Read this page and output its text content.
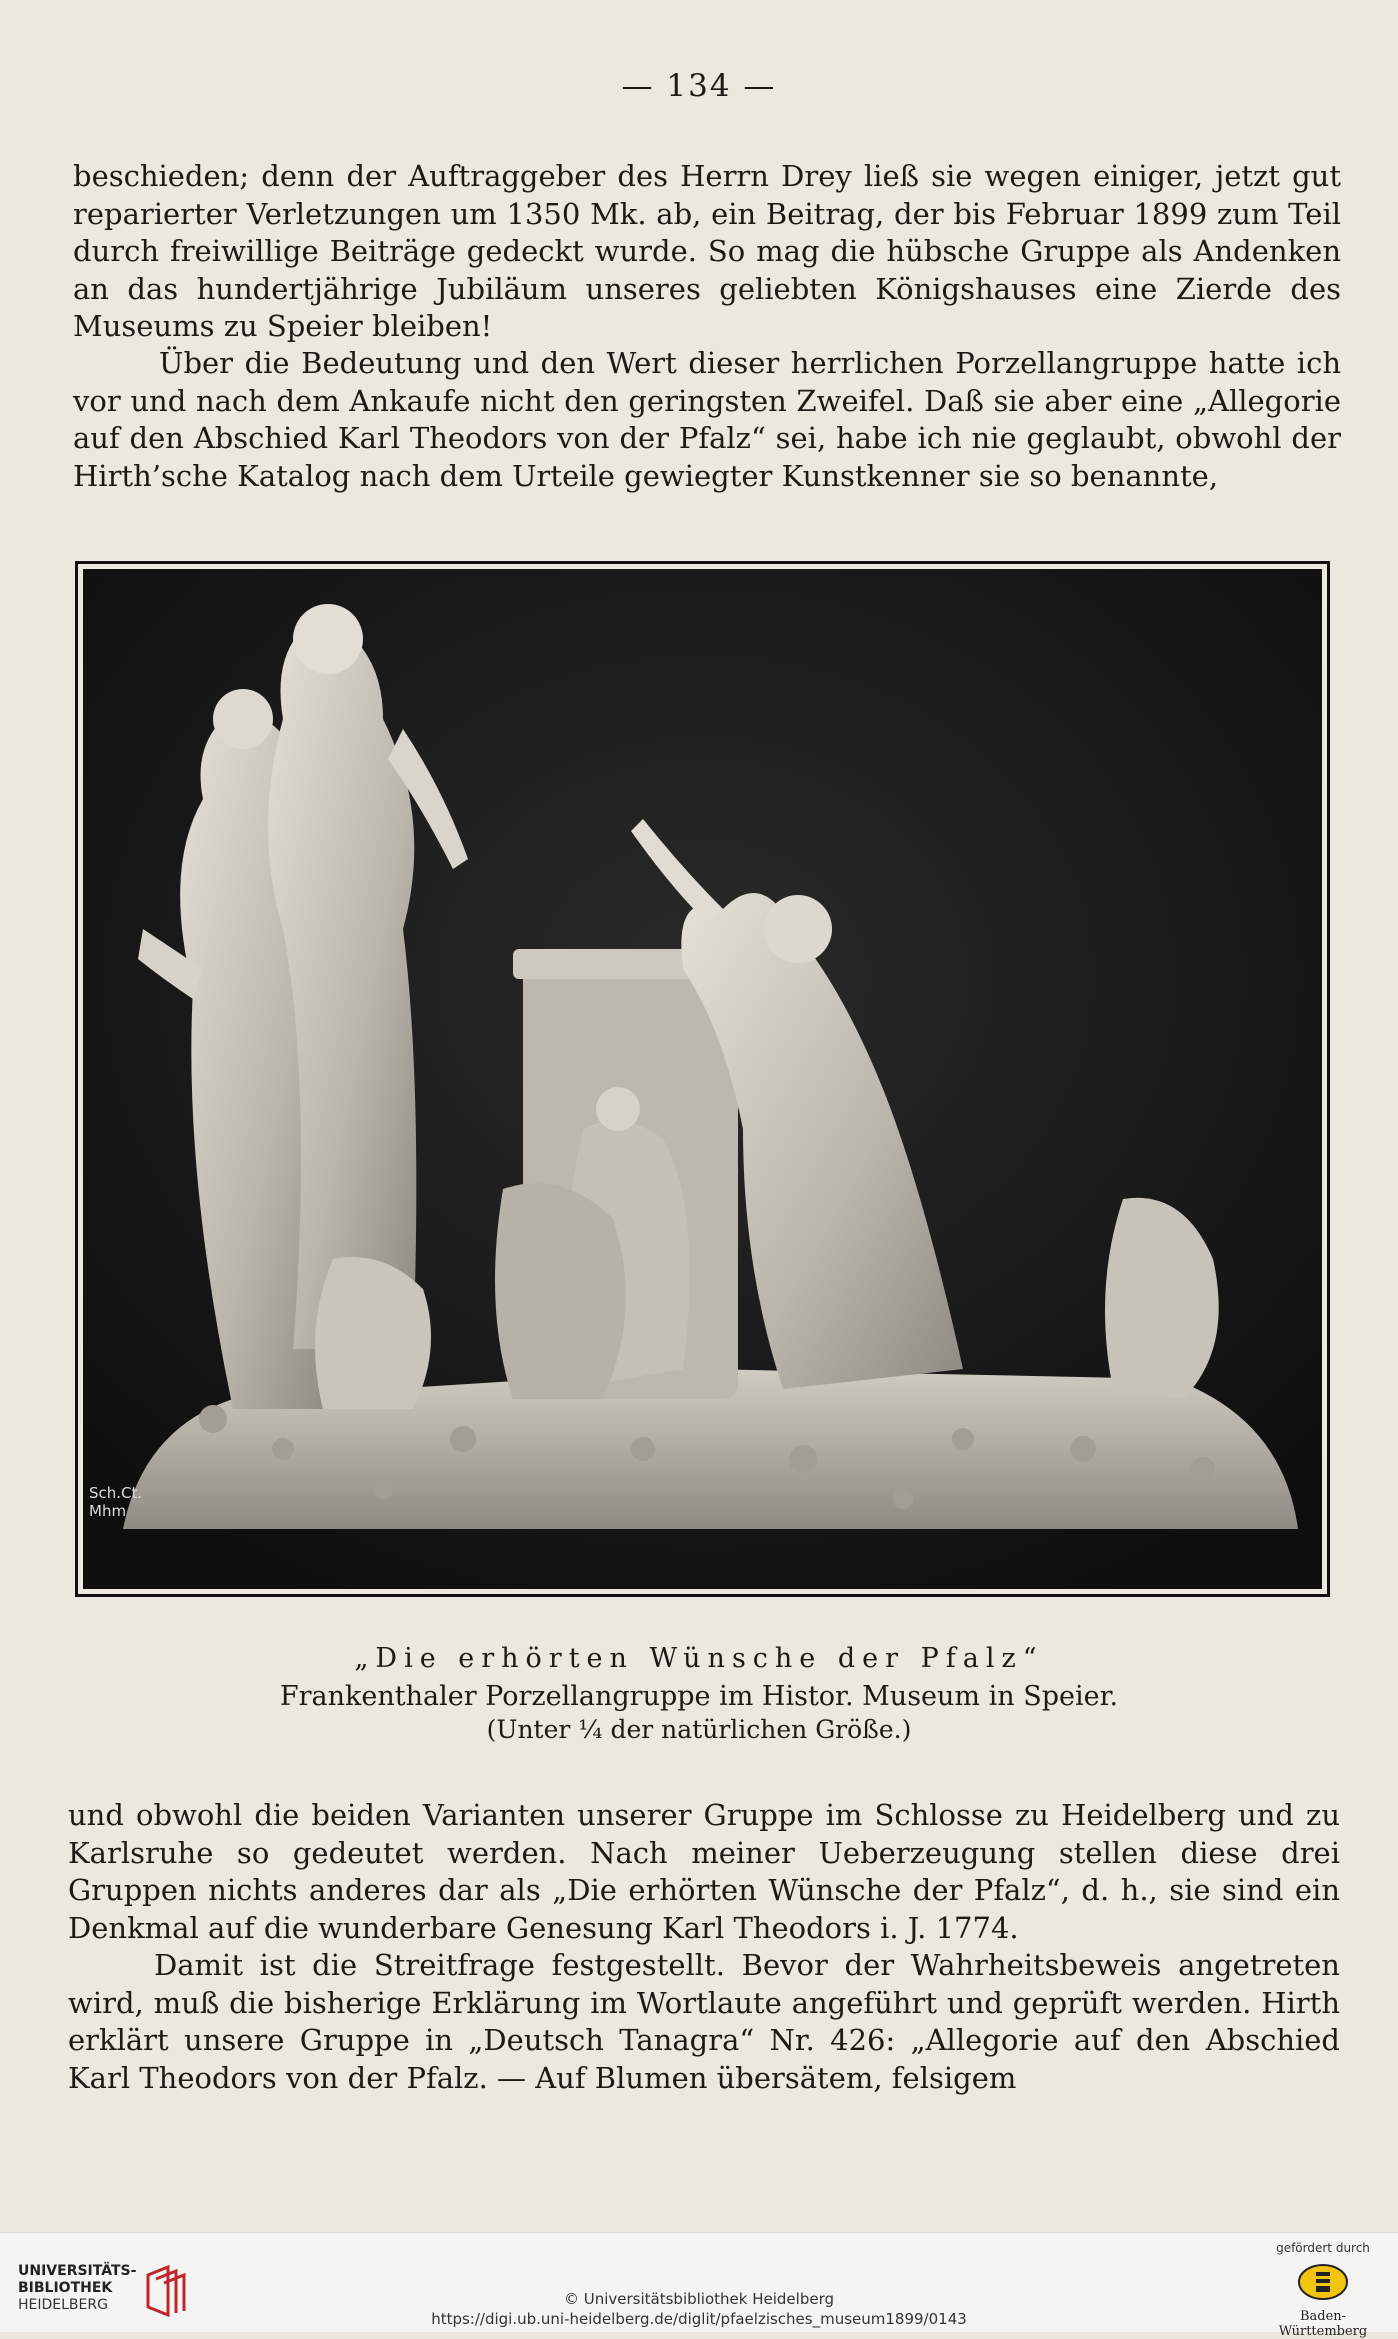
— 134 —

beschieden; denn der Auftraggeber des Herrn Drey ließ sie wegen einiger, jetzt gut reparierter Verletzungen um 1350 Mk. ab, ein Beitrag, der bis Februar 1899 zum Teil durch freiwillige Beiträge gedeckt wurde. So mag die hübsche Gruppe als Andenken an das hundertjährige Jubiläum unseres geliebten Königshauses eine Zierde des Museums zu Speier bleiben!

Über die Bedeutung und den Wert dieser herrlichen Porzellangruppe hatte ich vor und nach dem Ankaufe nicht den geringsten Zweifel. Daß sie aber eine „Allegorie auf den Abschied Karl Theodors von der Pfalz“ sei, habe ich nie geglaubt, obwohl der Hirth’sche Katalog nach dem Urteile gewiegter Kunstkenner sie so benannte,

Sch.Ct.
Mhm
„Die erhörten Wünsche der Pfalz“
Frankenthaler Porzellangruppe im Histor. Museum in Speier.
(Unter ¼ der natürlichen Größe.)

und obwohl die beiden Varianten unserer Gruppe im Schlosse zu Heidelberg und zu Karlsruhe so gedeutet werden. Nach meiner Ueberzeugung stellen diese drei Gruppen nichts anderes dar als „Die erhörten Wünsche der Pfalz“, d. h., sie sind ein Denkmal auf die wunderbare Genesung Karl Theodors i. J. 1774.

Damit ist die Streitfrage festgestellt. Bevor der Wahrheitsbeweis angetreten wird, muß die bisherige Erklärung im Wortlaute angeführt und geprüft werden. Hirth erklärt unsere Gruppe in „Deutsch Tanagra“ Nr. 426: „Allegorie auf den Abschied Karl Theodors von der Pfalz. — Auf Blumen übersätem, felsigem

UNIVERSITÄTS-
BIBLIOTHEK
HEIDELBERG	© Universitätsbibliothek Heidelberg
https://digi.ub.uni-heidelberg.de/diglit/pfaelzisches_museum1899/0143
gefördert durch
Baden-Württemberg
